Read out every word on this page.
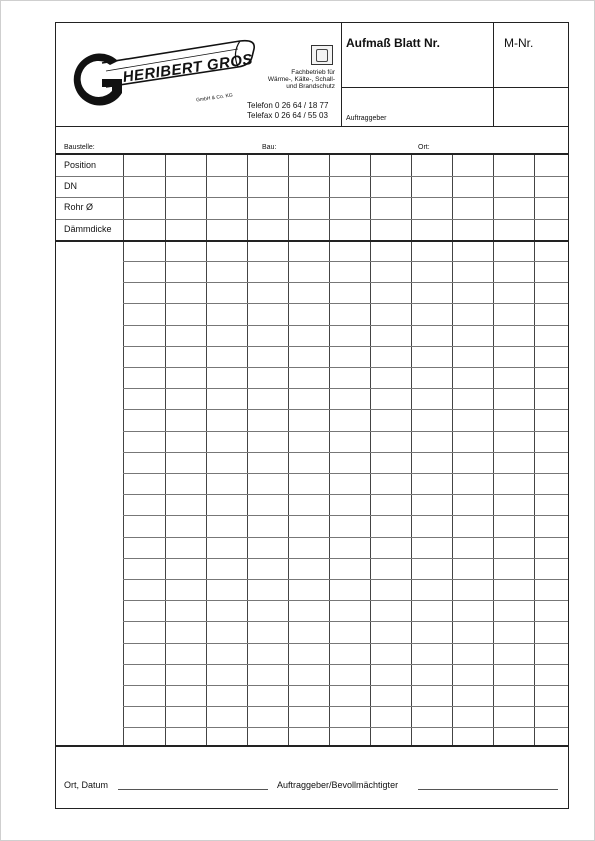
HERIBERT GROS
GmbH & Co. KG
Fachbetrieb für
Wärme-, Kälte-, Schall-
und Brandschutz
Telefon 0 26 64 / 18 77
Telefax 0 26 64 / 55 03
Aufmaß Blatt Nr.
Auftraggeber
M-Nr.
Baustelle:	Bau:	Ort:
Position
DN
Rohr Ø
Dämmdicke
Ort, Datum	Auftraggeber/Bevollmächtigter
